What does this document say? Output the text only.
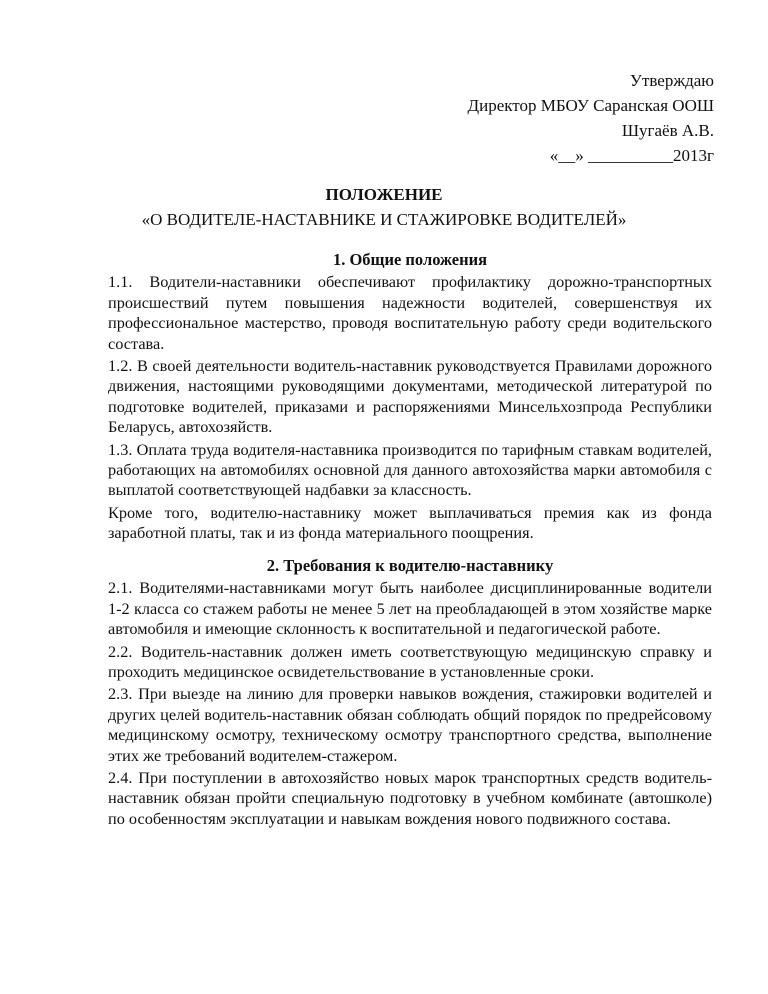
Утверждаю
Директор МБОУ Саранская ООШ
Шугаёв А.В.
«__» __________2013г
ПОЛОЖЕНИЕ
«О ВОДИТЕЛЕ-НАСТАВНИКЕ И СТАЖИРОВКЕ ВОДИТЕЛЕЙ»
1. Общие положения
1.1. Водители-наставники обеспечивают профилактику дорожно-транспортных происшествий путем повышения надежности водителей, совершенствуя их профессиональное мастерство, проводя воспитательную работу среди водительского состава.
1.2. В своей деятельности водитель-наставник руководствуется Правилами дорожного движения, настоящими руководящими документами, методической литературой по подготовке водителей, приказами и распоряжениями Минсельхозпрода Республики Беларусь, автохозяйств.
1.3. Оплата труда водителя-наставника производится по тарифным ставкам водителей, работающих на автомобилях основной для данного автохозяйства марки автомобиля с выплатой соответствующей надбавки за классность.
Кроме того, водителю-наставнику может выплачиваться премия как из фонда заработной платы, так и из фонда материального поощрения.
2. Требования к водителю-наставнику
2.1. Водителями-наставниками могут быть наиболее дисциплинированные водители 1-2 класса со стажем работы не менее 5 лет на преобладающей в этом хозяйстве марке автомобиля и имеющие склонность к воспитательной и педагогической работе.
2.2. Водитель-наставник должен иметь соответствующую медицинскую справку и проходить медицинское освидетельствование в установленные сроки.
2.3. При выезде на линию для проверки навыков вождения, стажировки водителей и других целей водитель-наставник обязан соблюдать общий порядок по предрейсовому медицинскому осмотру, техническому осмотру транспортного средства, выполнение этих же требований водителем-стажером.
2.4. При поступлении в автохозяйство новых марок транспортных средств водитель-наставник обязан пройти специальную подготовку в учебном комбинате (автошколе) по особенностям эксплуатации и навыкам вождения нового подвижного состава.
